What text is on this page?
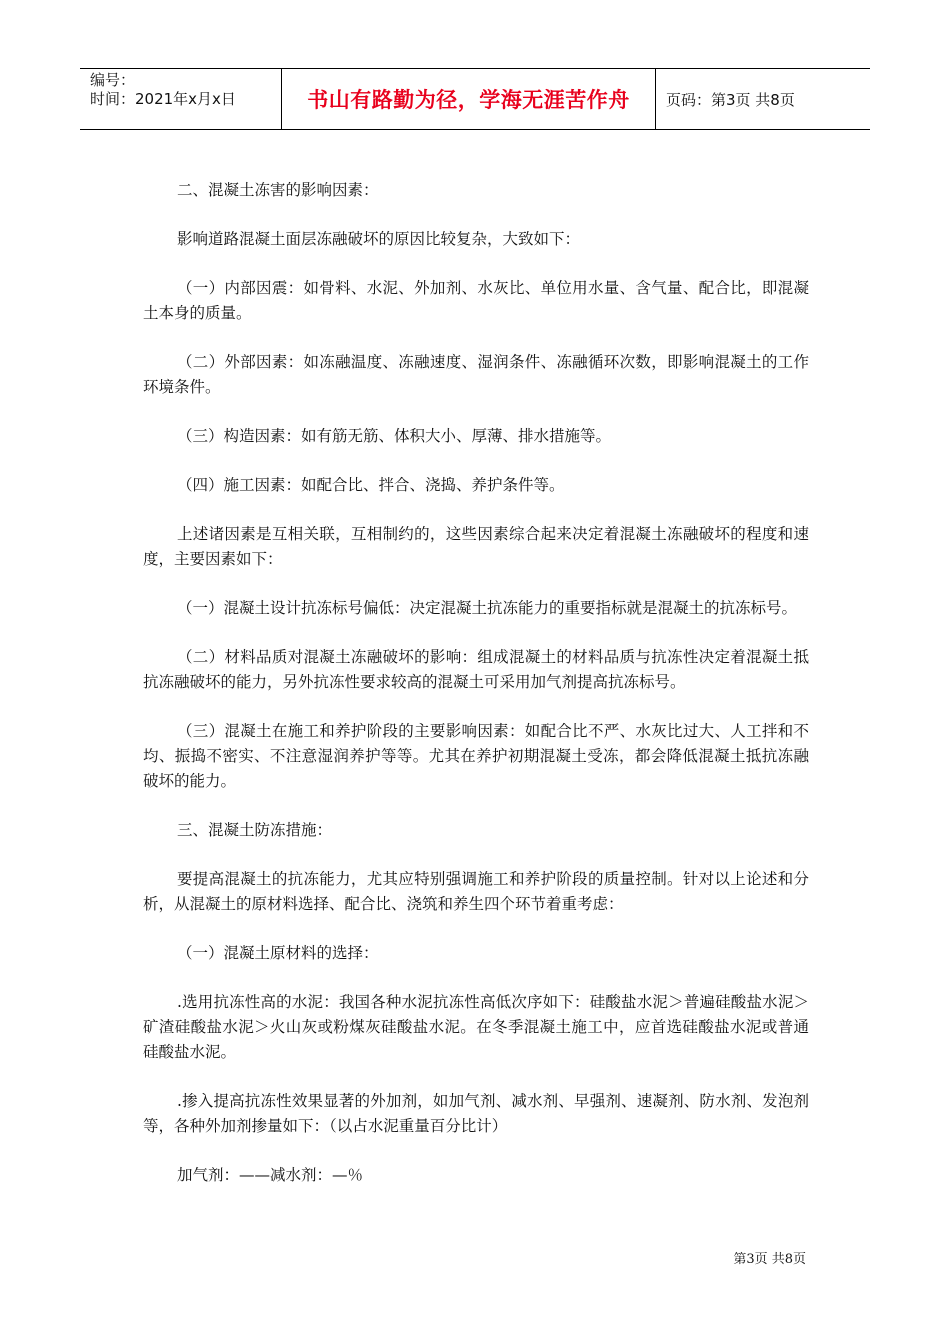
编号：
时间：2021年x月x日	书山有路勤为径，学海无涯苦作舟	页码：第3页 共8页

二、混凝土冻害的影响因素：

影响道路混凝土面层冻融破坏的原因比较复杂，大致如下：

（一）内部因震：如骨料、水泥、外加剂、水灰比、单位用水量、含气量、配合比，即混凝土本身的质量。

（二）外部因素：如冻融温度、冻融速度、湿润条件、冻融循环次数，即影响混凝土的工作环境条件。

（三）构造因素：如有筋无筋、体积大小、厚薄、排水措施等。

（四）施工因素：如配合比、拌合、浇捣、养护条件等。

上述诸因素是互相关联，互相制约的，这些因素综合起来决定着混凝土冻融破坏的程度和速度，主要因素如下：

（一）混凝土设计抗冻标号偏低：决定混凝土抗冻能力的重要指标就是混凝土的抗冻标号。

（二）材料品质对混凝土冻融破坏的影响：组成混凝土的材料品质与抗冻性决定着混凝土抵抗冻融破坏的能力，另外抗冻性要求较高的混凝土可采用加气剂提高抗冻标号。

（三）混凝土在施工和养护阶段的主要影响因素：如配合比不严、水灰比过大、人工拌和不均、振捣不密实、不注意湿润养护等等。尤其在养护初期混凝土受冻，都会降低混凝土抵抗冻融破坏的能力。

三、混凝土防冻措施：

要提高混凝土的抗冻能力，尤其应特别强调施工和养护阶段的质量控制。针对以上论述和分析，从混凝土的原材料选择、配合比、浇筑和养生四个环节着重考虑：

（一）混凝土原材料的选择：

.选用抗冻性高的水泥：我国各种水泥抗冻性高低次序如下：硅酸盐水泥＞普遍硅酸盐水泥＞矿渣硅酸盐水泥＞火山灰或粉煤灰硅酸盐水泥。在冬季混凝土施工中，应首选硅酸盐水泥或普通硅酸盐水泥。

.掺入提高抗冻性效果显著的外加剂，如加气剂、减水剂、早强剂、速凝剂、防水剂、发泡剂等，各种外加剂掺量如下：（以占水泥重量百分比计）

加气剂：——减水剂：—％

第3页 共8页
